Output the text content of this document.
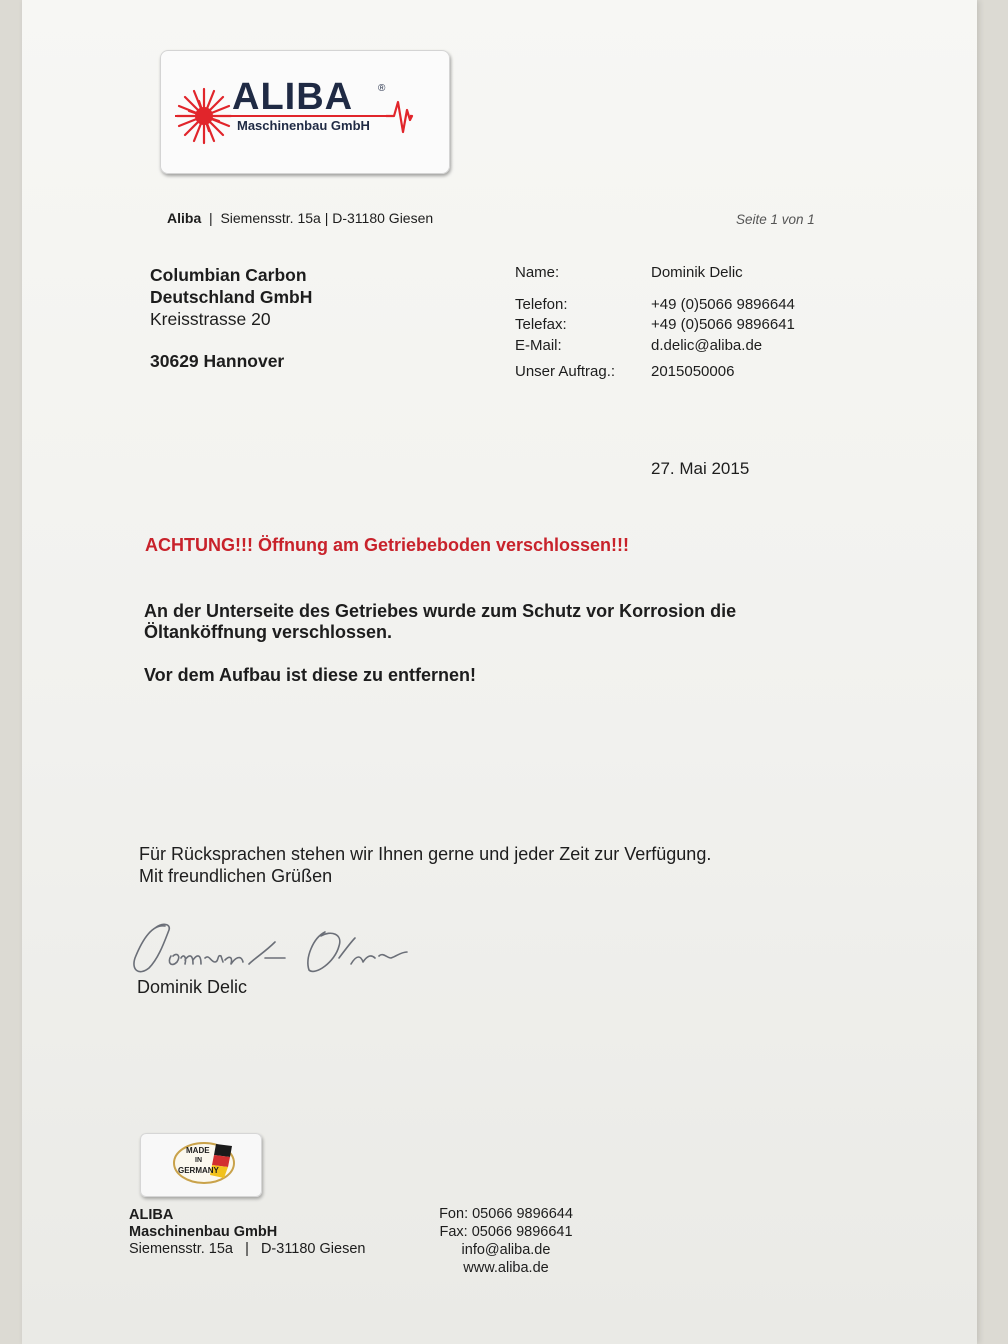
ALIBA ®
Maschinenbau GmbH
Aliba | Siemensstr. 15a | D-31180 Giesen	Seite 1 von 1
Columbian Carbon
Deutschland GmbH
Kreisstrasse 20
30629 Hannover
Name:	Dominik Delic
Telefon:	+49 (0)5066 9896644
Telefax:	+49 (0)5066 9896641
E-Mail:	d.delic@aliba.de
Unser Auftrag.: 2015050006
27. Mai 2015
ACHTUNG!!! Öffnung am Getriebeboden verschlossen!!!
An der Unterseite des Getriebes wurde zum Schutz vor Korrosion die
Öltanköffnung verschlossen.
Vor dem Aufbau ist diese zu entfernen!
Für Rücksprachen stehen wir Ihnen gerne und jeder Zeit zur Verfügung.
Mit freundlichen Grüßen
Dominik Delic
MADE
IN
GERMANY
ALIBA
Maschinenbau GmbH
Siemensstr. 15a | D-31180 Giesen
Fon: 05066 9896644
Fax: 05066 9896641
info@aliba.de
www.aliba.de
